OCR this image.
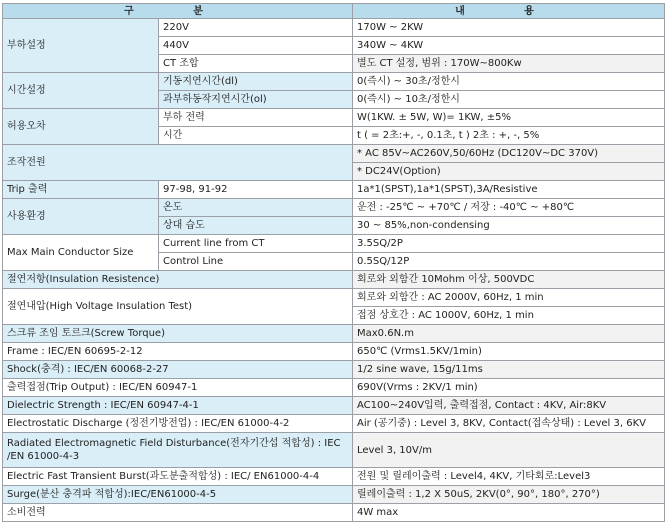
구 분		내 용
부하설정	220V	170W ~ 2KW
	440V	340W ~ 4KW
	CT 조합	별도 CT 설정, 범위 : 170W~800Kw
시간설정	기동지연시간(dl)	0(즉시) ~ 30초/정한시
	과부하동작지연시간(ol)	0(즉시) ~ 10초/정한시
허용오차	부하 전력	W(1KW. ± 5W, W)= 1KW, ±5%
	시간	t ( = 2초:+, -, 0.1초, t ) 2초 : +, -, 5%
조작전원		* AC 85V~AC260V,50/60Hz (DC120V~DC 370V)
		* DC24V(Option)
Trip 출력	97-98, 91-92	1a*1(SPST),1a*1(SPST),3A/Resistive
사용환경	온도	운전 : -25℃ ~ +70℃ / 저장 : -40℃ ~ +80℃
	상대 습도	30 ~ 85%,non-condensing
Max Main Conductor Size	Current line from CT	3.5SQ/2P
	Control Line	0.5SQ/12P
절연저항(Insulation Resistence)		회로와 외함간 10Mohm 이상, 500VDC
절연내압(High Voltage Insulation Test)		회로와 외함간 : AC 2000V, 60Hz, 1 min
		접점 상호간 : AC 1000V, 60Hz, 1 min
스크류 조임 토르크(Screw Torque)		Max0.6N.m
Frame : IEC/EN 60695-2-12		650℃ (Vrms1.5KV/1min)
Shock(충격) : IEC/EN 60068-2-27		1/2 sine wave, 15g/11ms
출력접점(Trip Output) : IEC/EN 60947-1		690V(Vrms : 2KV/1 min)
Dielectric Strength : IEC/EN 60947-4-1		AC100~240V입력, 출력접점, Contact : 4KV, Air:8KV
Electrostatic Discharge (정전기방전업) : IEC/EN 61000-4-2		Air (공기중) : Level 3, 8KV, Contact(접속상태) : Level 3, 6KV
Radiated Electromagnetic Field Disturbance(전자기간섭 적합성) : IEC /EN 61000-4-3		Level 3, 10V/m
Electric Fast Transient Burst(과도분출적합성) : IEC/ EN61000-4-4		전원 및 릴레이출력 : Level4, 4KV, 기타회로:Level3
Surge(분산 충격파 적합성):IEC/EN61000-4-5		릴레이출력 : 1,2 X 50uS, 2KV(0°, 90°, 180°, 270°)
소비전력		4W max
